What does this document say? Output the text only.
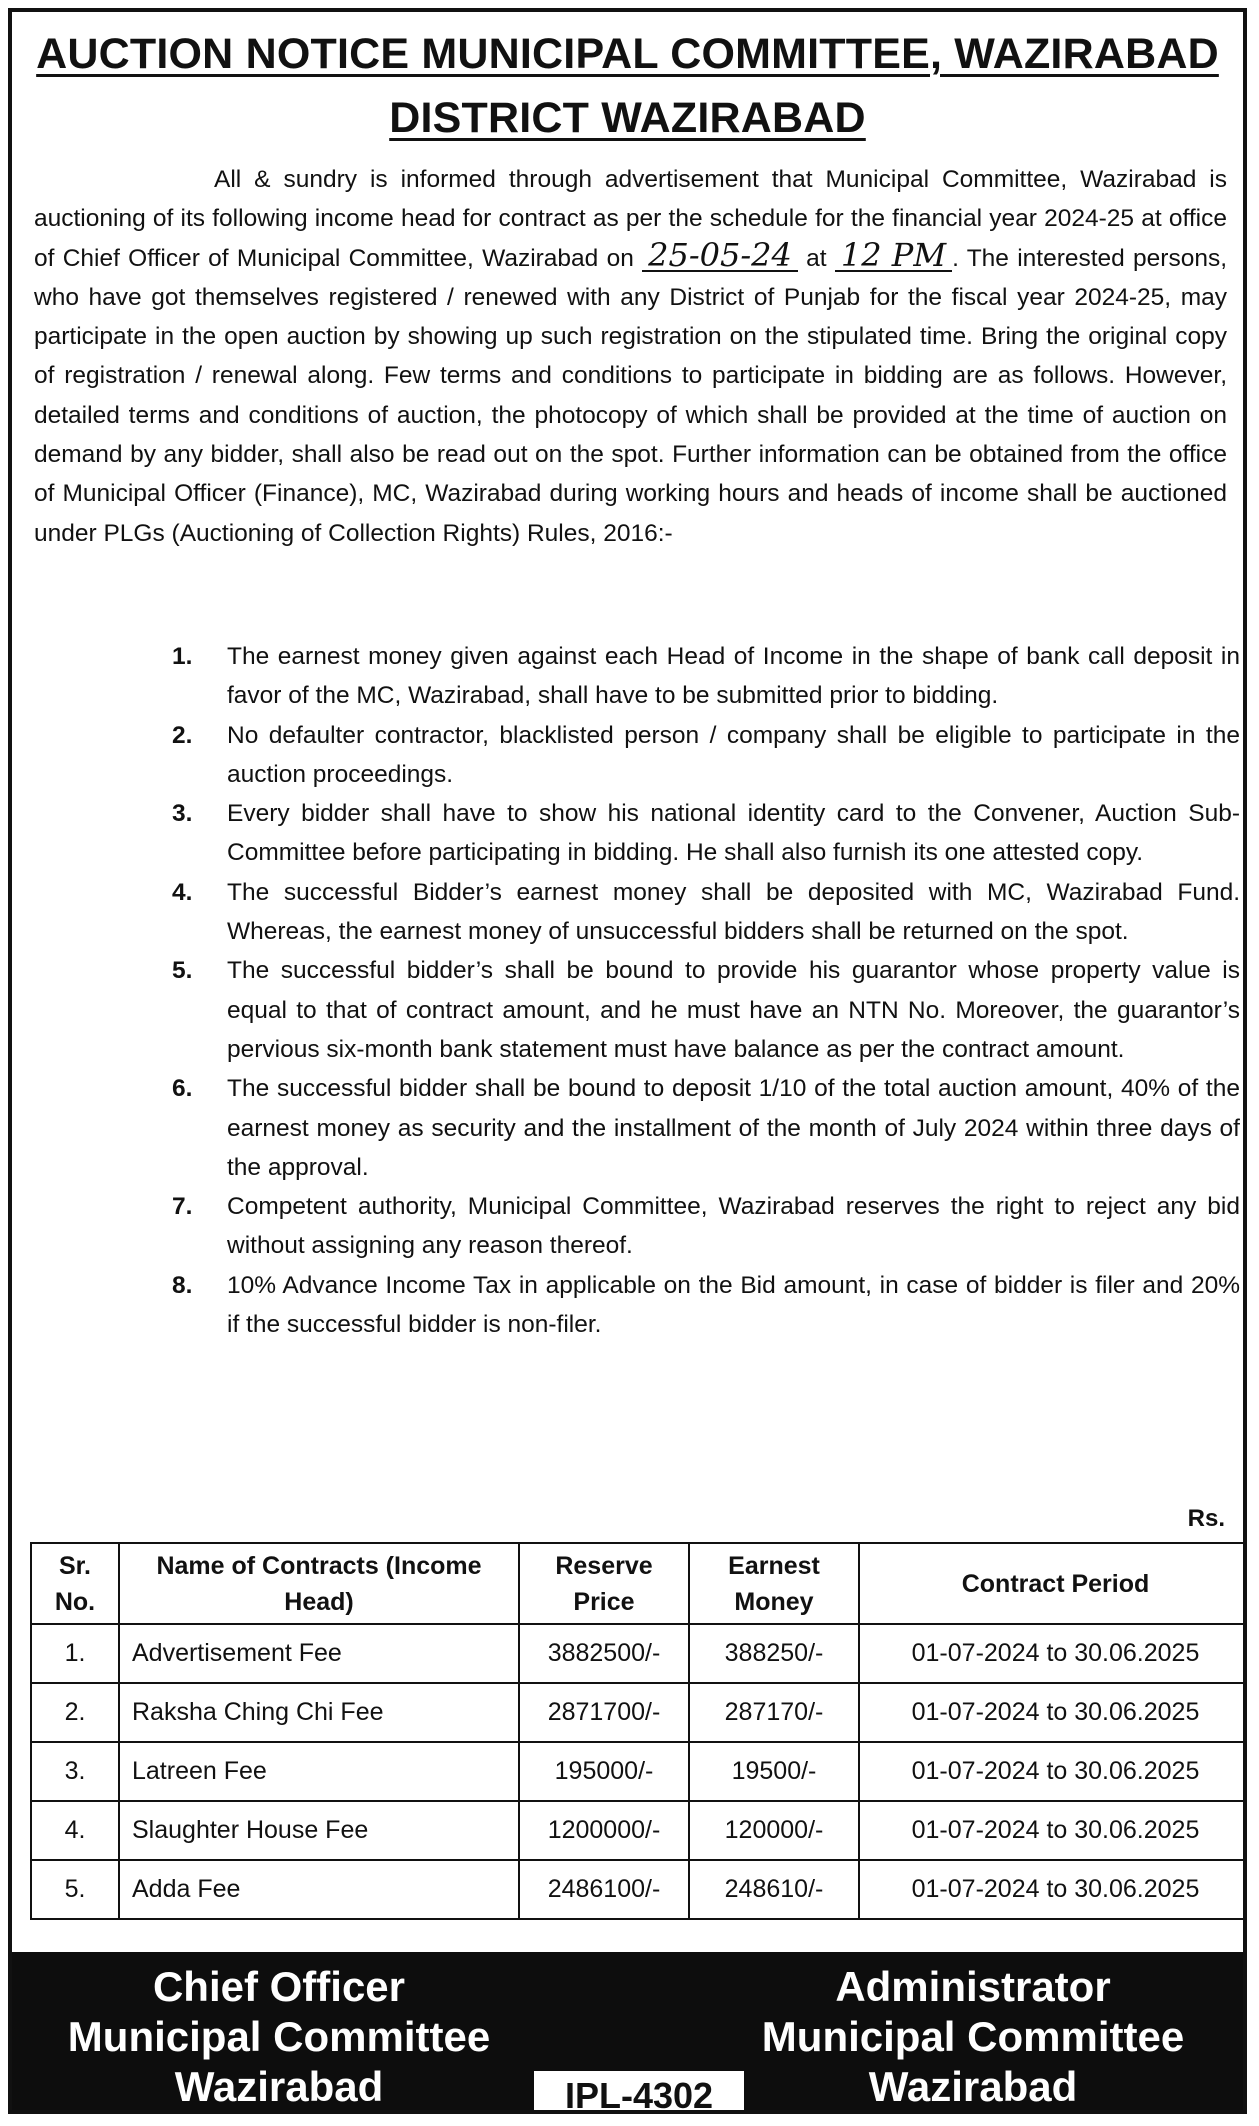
AUCTION NOTICE MUNICIPAL COMMITTEE, WAZIRABAD
DISTRICT WAZIRABAD
All & sundry is informed through advertisement that Municipal Committee, Wazirabad is auctioning of its following income head for contract as per the schedule for the financial year 2024-25 at office of Chief Officer of Municipal Committee, Wazirabad on 25-05-24 at 12 PM . The interested persons, who have got themselves registered / renewed with any District of Punjab for the fiscal year 2024-25, may participate in the open auction by showing up such registration on the stipulated time. Bring the original copy of registration / renewal along. Few terms and conditions to participate in bidding are as follows. However, detailed terms and conditions of auction, the photocopy of which shall be provided at the time of auction on demand by any bidder, shall also be read out on the spot. Further information can be obtained from the office of Municipal Officer (Finance), MC, Wazirabad during working hours and heads of income shall be auctioned under PLGs (Auctioning of Collection Rights) Rules, 2016:-
1. The earnest money given against each Head of Income in the shape of bank call deposit in favor of the MC, Wazirabad, shall have to be submitted prior to bidding.
2. No defaulter contractor, blacklisted person / company shall be eligible to participate in the auction proceedings.
3. Every bidder shall have to show his national identity card to the Convener, Auction Sub-Committee before participating in bidding. He shall also furnish its one attested copy.
4. The successful Bidder’s earnest money shall be deposited with MC, Wazirabad Fund. Whereas, the earnest money of unsuccessful bidders shall be returned on the spot.
5. The successful bidder’s shall be bound to provide his guarantor whose property value is equal to that of contract amount, and he must have an NTN No. Moreover, the guarantor’s pervious six-month bank statement must have balance as per the contract amount.
6. The successful bidder shall be bound to deposit 1/10 of the total auction amount, 40% of the earnest money as security and the installment of the month of July 2024 within three days of the approval.
7. Competent authority, Municipal Committee, Wazirabad reserves the right to reject any bid without assigning any reason thereof.
8. 10% Advance Income Tax in applicable on the Bid amount, in case of bidder is filer and 20% if the successful bidder is non-filer.
Rs.
Sr. No.	Name of Contracts (Income Head)	Reserve Price	Earnest Money	Contract Period
1.	Advertisement Fee	3882500/-	388250/-	01-07-2024 to 30.06.2025
2.	Raksha Ching Chi Fee	2871700/-	287170/-	01-07-2024 to 30.06.2025
3.	Latreen Fee	195000/-	19500/-	01-07-2024 to 30.06.2025
4.	Slaughter House Fee	1200000/-	120000/-	01-07-2024 to 30.06.2025
5.	Adda Fee	2486100/-	248610/-	01-07-2024 to 30.06.2025
Chief Officer
Municipal Committee
Wazirabad	IPL-4302
Administrator
Municipal Committee
Wazirabad
